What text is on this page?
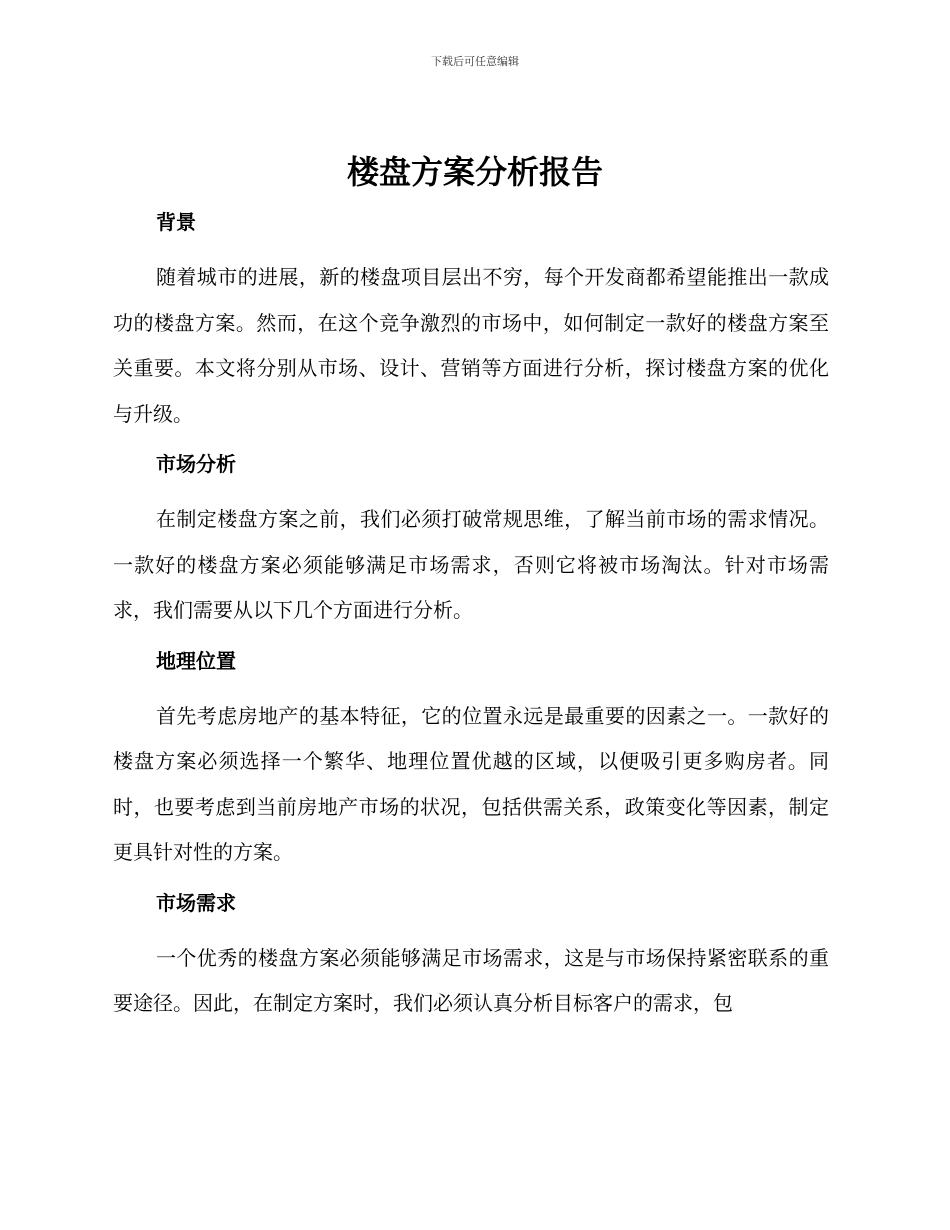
下载后可任意编辑
楼盘方案分析报告
背景

随着城市的进展，新的楼盘项目层出不穷，每个开发商都希望能推出一款成功的楼盘方案。然而，在这个竞争激烈的市场中，如何制定一款好的楼盘方案至关重要。本文将分别从市场、设计、营销等方面进行分析，探讨楼盘方案的优化与升级。

市场分析

在制定楼盘方案之前，我们必须打破常规思维，了解当前市场的需求情况。一款好的楼盘方案必须能够满足市场需求，否则它将被市场淘汰。针对市场需求，我们需要从以下几个方面进行分析。

地理位置

首先考虑房地产的基本特征，它的位置永远是最重要的因素之一。一款好的楼盘方案必须选择一个繁华、地理位置优越的区域，以便吸引更多购房者。同时，也要考虑到当前房地产市场的状况，包括供需关系，政策变化等因素，制定更具针对性的方案。

市场需求

一个优秀的楼盘方案必须能够满足市场需求，这是与市场保持紧密联系的重要途径。因此，在制定方案时，我们必须认真分析目标客户的需求，包
